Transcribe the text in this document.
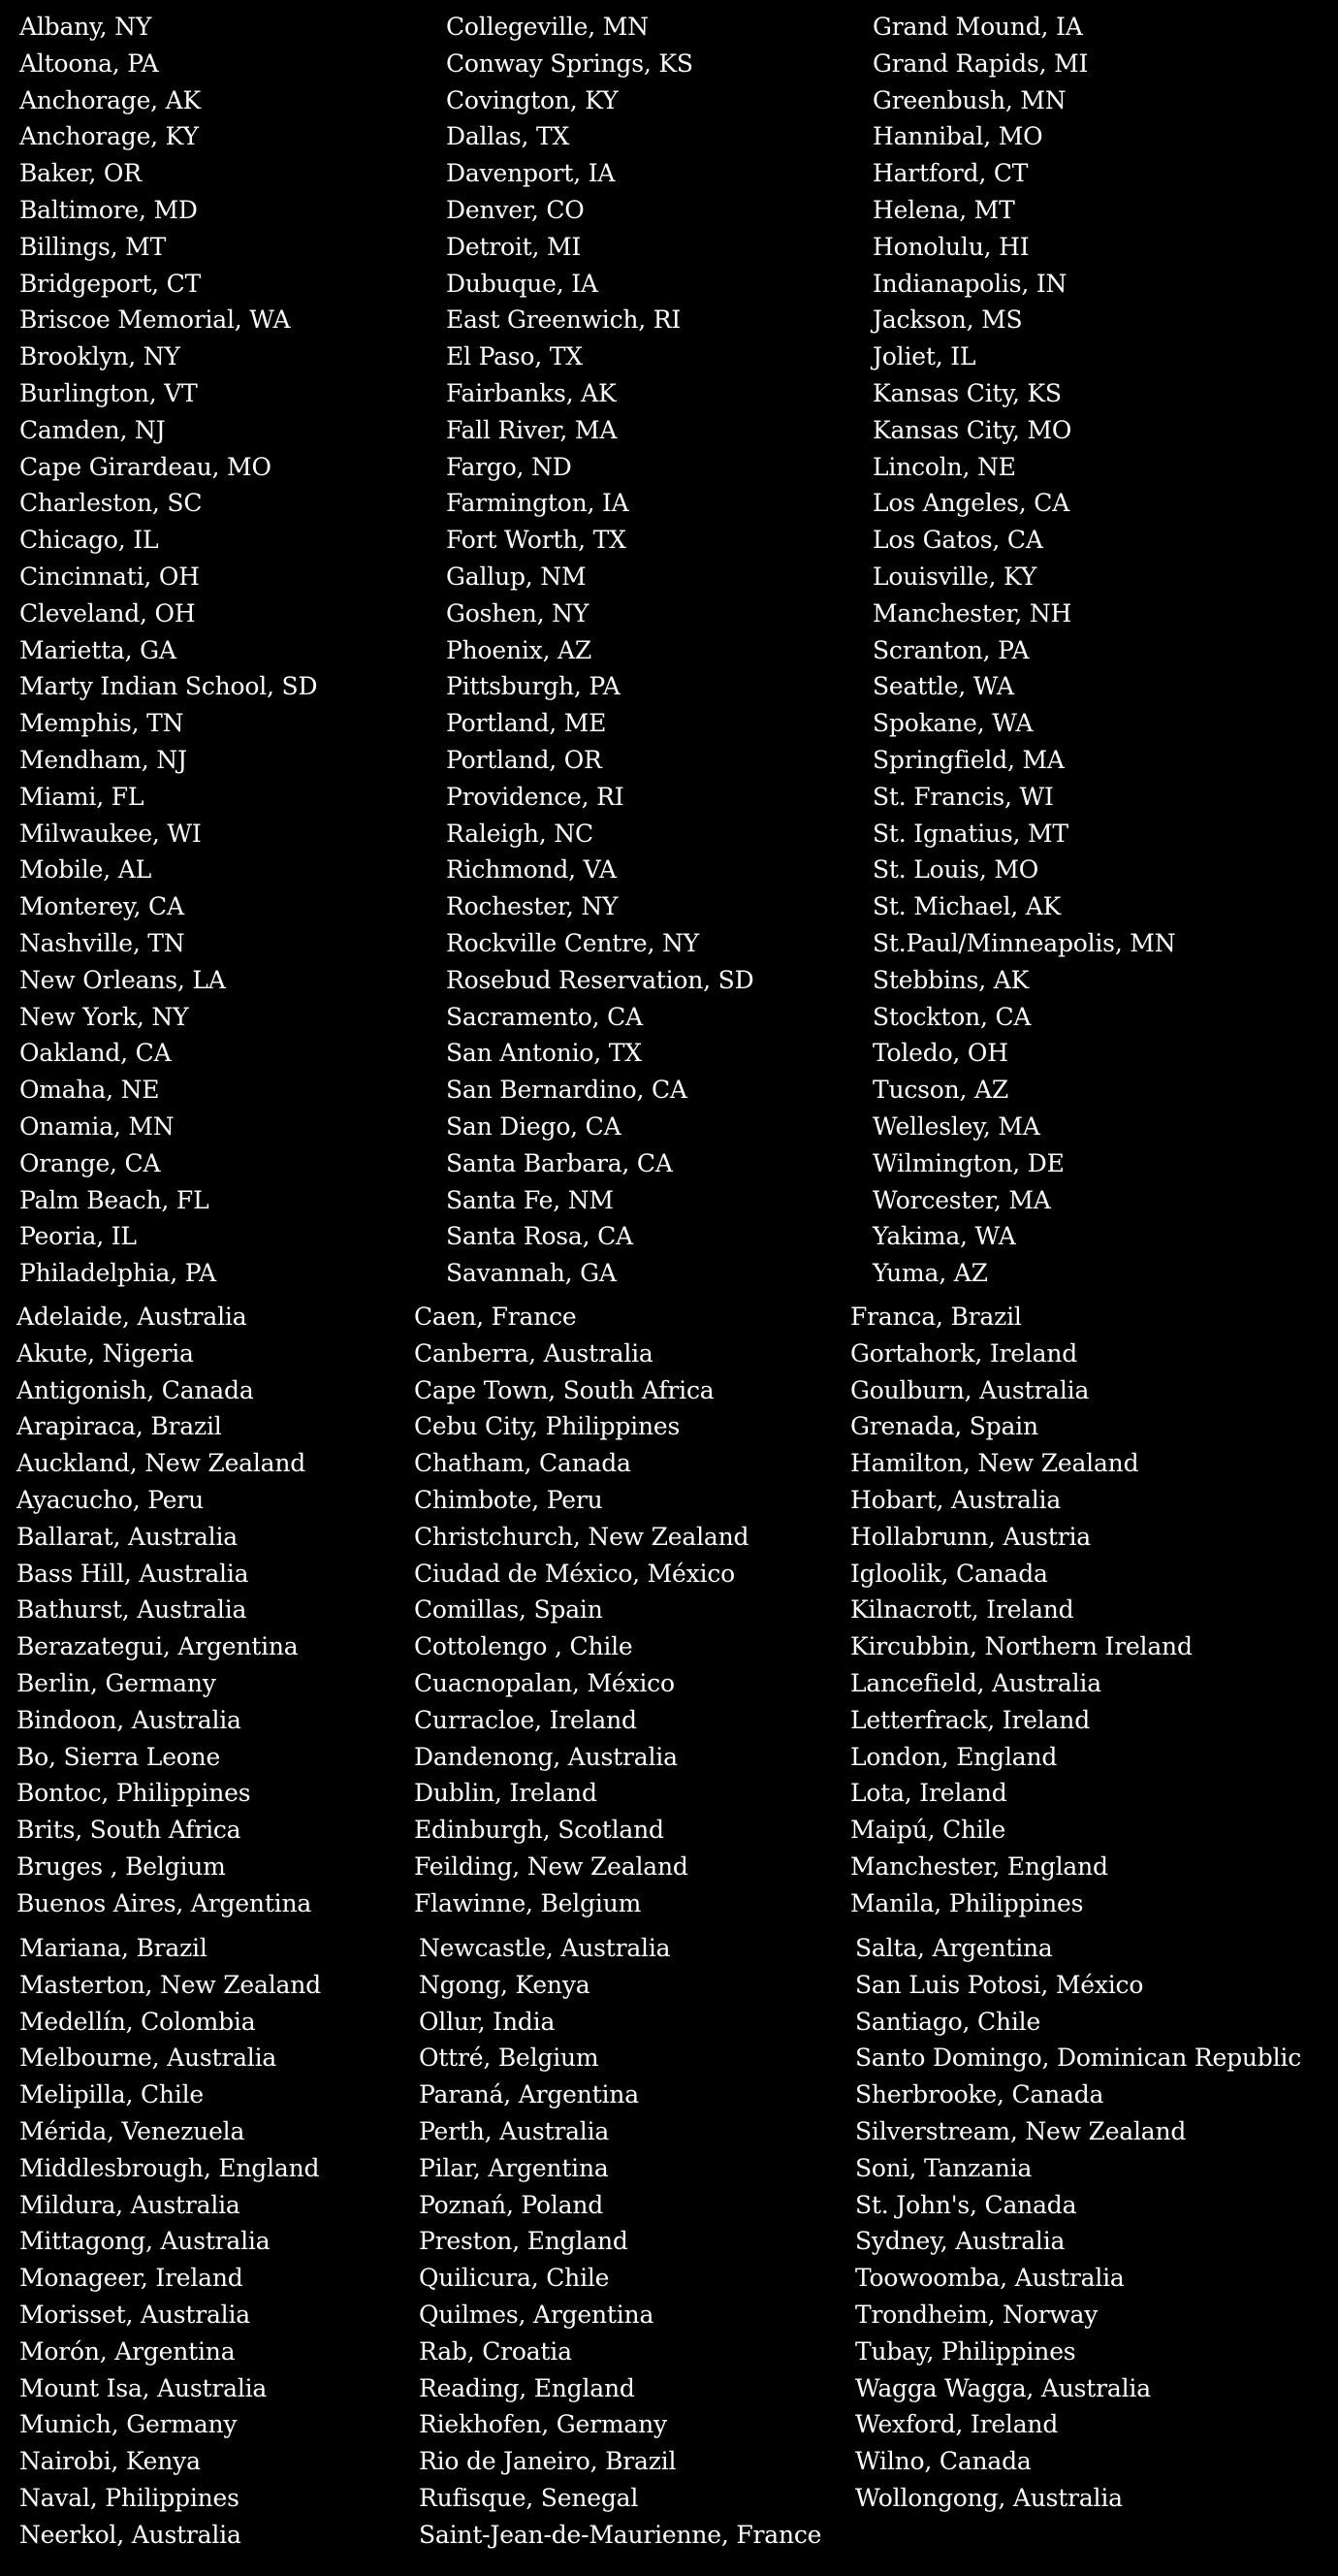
Albany, NY
Altoona, PA
Anchorage, AK
Anchorage, KY
Baker, OR
Baltimore, MD
Billings, MT
Bridgeport, CT
Briscoe Memorial, WA
Brooklyn, NY
Burlington, VT
Camden, NJ
Cape Girardeau, MO
Charleston, SC
Chicago, IL
Cincinnati, OH
Cleveland, OH
Marietta, GA
Marty Indian School, SD
Memphis, TN
Mendham, NJ
Miami, FL
Milwaukee, WI
Mobile, AL
Monterey, CA
Nashville, TN
New Orleans, LA
New York, NY
Oakland, CA
Omaha, NE
Onamia, MN
Orange, CA
Palm Beach, FL
Peoria, IL
Philadelphia, PA
Collegeville, MN
Conway Springs, KS
Covington, KY
Dallas, TX
Davenport, IA
Denver, CO
Detroit, MI
Dubuque, IA
East Greenwich, RI
El Paso, TX
Fairbanks, AK
Fall River, MA
Fargo, ND
Farmington, IA
Fort Worth, TX
Gallup, NM
Goshen, NY
Phoenix, AZ
Pittsburgh, PA
Portland, ME
Portland, OR
Providence, RI
Raleigh, NC
Richmond, VA
Rochester, NY
Rockville Centre, NY
Rosebud Reservation, SD
Sacramento, CA
San Antonio, TX
San Bernardino, CA
San Diego, CA
Santa Barbara, CA
Santa Fe, NM
Santa Rosa, CA
Savannah, GA
Grand Mound, IA
Grand Rapids, MI
Greenbush, MN
Hannibal, MO
Hartford, CT
Helena, MT
Honolulu, HI
Indianapolis, IN
Jackson, MS
Joliet, IL
Kansas City, KS
Kansas City, MO
Lincoln, NE
Los Angeles, CA
Los Gatos, CA
Louisville, KY
Manchester, NH
Scranton, PA
Seattle, WA
Spokane, WA
Springfield, MA
St. Francis, WI
St. Ignatius, MT
St. Louis, MO
St. Michael, AK
St.Paul/Minneapolis, MN
Stebbins, AK
Stockton, CA
Toledo, OH
Tucson, AZ
Wellesley, MA
Wilmington, DE
Worcester, MA
Yakima, WA
Yuma, AZ
Adelaide, Australia
Akute, Nigeria
Antigonish, Canada
Arapiraca, Brazil
Auckland, New Zealand
Ayacucho, Peru
Ballarat, Australia
Bass Hill, Australia
Bathurst, Australia
Berazategui, Argentina
Berlin, Germany
Bindoon, Australia
Bo, Sierra Leone
Bontoc, Philippines
Brits, South Africa
Bruges , Belgium
Buenos Aires, Argentina
Caen, France
Canberra, Australia
Cape Town, South Africa
Cebu City, Philippines
Chatham, Canada
Chimbote, Peru
Christchurch, New Zealand
Ciudad de México, México
Comillas, Spain
Cottolengo , Chile
Cuacnopalan, México
Curracloe, Ireland
Dandenong, Australia
Dublin, Ireland
Edinburgh, Scotland
Feilding, New Zealand
Flawinne, Belgium
Franca, Brazil
Gortahork, Ireland
Goulburn, Australia
Grenada, Spain
Hamilton, New Zealand
Hobart, Australia
Hollabrunn, Austria
Igloolik, Canada
Kilnacrott, Ireland
Kircubbin, Northern Ireland
Lancefield, Australia
Letterfrack, Ireland
London, England
Lota, Ireland
Maipú, Chile
Manchester, England
Manila, Philippines
Mariana, Brazil
Masterton, New Zealand
Medellín, Colombia
Melbourne, Australia
Melipilla, Chile
Mérida, Venezuela
Middlesbrough, England
Mildura, Australia
Mittagong, Australia
Monageer, Ireland
Morisset, Australia
Morón, Argentina
Mount Isa, Australia
Munich, Germany
Nairobi, Kenya
Naval, Philippines
Neerkol, Australia
Newcastle, Australia
Ngong, Kenya
Ollur, India
Ottré, Belgium
Paraná, Argentina
Perth, Australia
Pilar, Argentina
Poznań, Poland
Preston, England
Quilicura, Chile
Quilmes, Argentina
Rab, Croatia
Reading, England
Riekhofen, Germany
Rio de Janeiro, Brazil
Rufisque, Senegal
Saint-Jean-de-Maurienne, France
Salta, Argentina
San Luis Potosi, México
Santiago, Chile
Santo Domingo, Dominican Republic
Sherbrooke, Canada
Silverstream, New Zealand
Soni, Tanzania
St. John's, Canada
Sydney, Australia
Toowoomba, Australia
Trondheim, Norway
Tubay, Philippines
Wagga Wagga, Australia
Wexford, Ireland
Wilno, Canada
Wollongong, Australia
